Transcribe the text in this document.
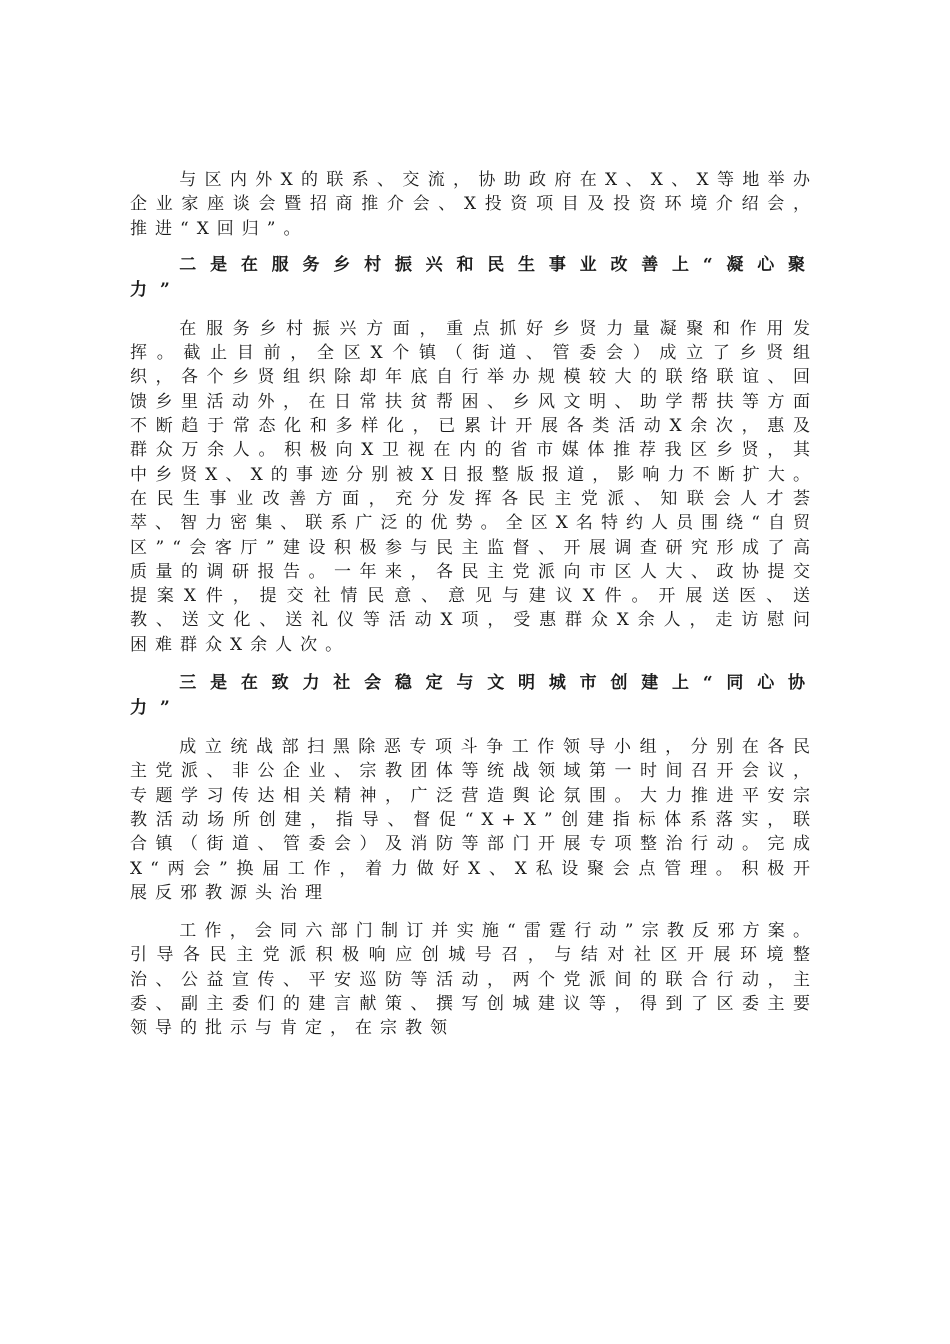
与区内外X的联系、交流，协助政府在X、X、X等地举办企业家座谈会暨招商推介会、X投资项目及投资环境介绍会，推进“X回归”。

二是在服务乡村振兴和民生事业改善上“凝心聚力”

在服务乡村振兴方面，重点抓好乡贤力量凝聚和作用发挥。截止目前，全区X个镇（街道、管委会）成立了乡贤组织，各个乡贤组织除却年底自行举办规模较大的联络联谊、回馈乡里活动外，在日常扶贫帮困、乡风文明、助学帮扶等方面不断趋于常态化和多样化，已累计开展各类活动X余次，惠及群众万余人。积极向X卫视在内的省市媒体推荐我区乡贤，其中乡贤X、X的事迹分别被X日报整版报道，影响力不断扩大。在民生事业改善方面，充分发挥各民主党派、知联会人才荟萃、智力密集、联系广泛的优势。全区X名特约人员围绕“自贸区”“会客厅”建设积极参与民主监督、开展调查研究形成了高质量的调研报告。一年来，各民主党派向市区人大、政协提交提案X件，提交社情民意、意见与建议X件。开展送医、送教、送文化、送礼仪等活动X项，受惠群众X余人，走访慰问困难群众X余人次。

三是在致力社会稳定与文明城市创建上“同心协力”

成立统战部扫黑除恶专项斗争工作领导小组，分别在各民主党派、非公企业、宗教团体等统战领域第一时间召开会议，专题学习传达相关精神，广泛营造舆论氛围。大力推进平安宗教活动场所创建，指导、督促“X+X”创建指标体系落实，联合镇（街道、管委会）及消防等部门开展专项整治行动。完成X“两会”换届工作，着力做好X、X私设聚会点管理。积极开展反邪教源头治理

工作，会同六部门制订并实施“雷霆行动”宗教反邪方案。引导各民主党派积极响应创城号召，与结对社区开展环境整治、公益宣传、平安巡防等活动，两个党派间的联合行动，主委、副主委们的建言献策、撰写创城建议等，得到了区委主要领导的批示与肯定，在宗教领
